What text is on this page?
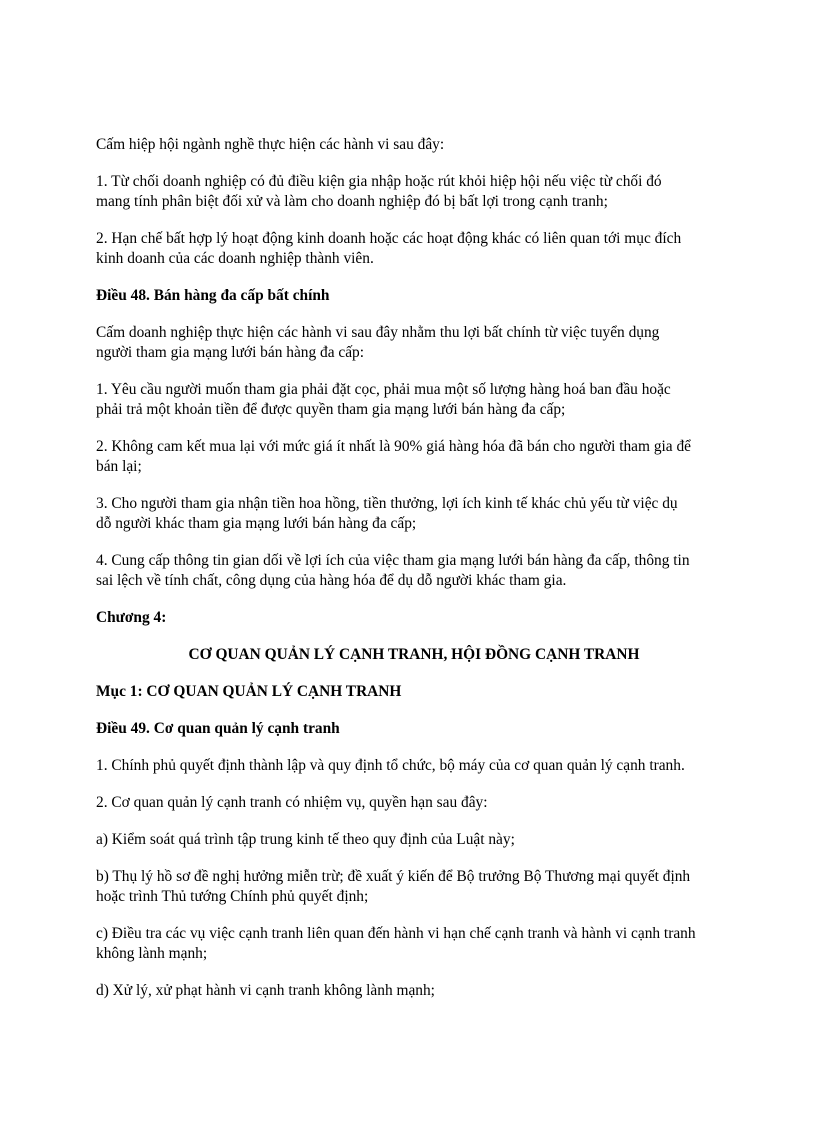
Cấm hiệp hội ngành nghề thực hiện các hành vi sau đây:

1. Từ chối doanh nghiệp có đủ điều kiện gia nhập hoặc rút khỏi hiệp hội nếu việc từ chối đó

mang tính phân biệt đối xử và làm cho doanh nghiệp đó bị bất lợi trong cạnh tranh;

2. Hạn chế bất hợp lý hoạt động kinh doanh hoặc các hoạt động khác có liên quan tới mục đích

kinh doanh của các doanh nghiệp thành viên.

Điều 48. Bán hàng đa cấp bất chính

Cấm doanh nghiệp thực hiện các hành vi sau đây nhằm thu lợi bất chính từ việc tuyển dụng

người tham gia mạng lưới bán hàng đa cấp:

1. Yêu cầu người muốn tham gia phải đặt cọc, phải mua một số lượng hàng hoá ban đầu hoặc

phải trả một khoản tiền để được quyền tham gia mạng lưới bán hàng đa cấp;

2. Không cam kết mua lại với mức giá ít nhất là 90% giá hàng hóa đã bán cho người tham gia để

bán lại;

3. Cho người tham gia nhận tiền hoa hồng, tiền thưởng, lợi ích kinh tế khác chủ yếu từ việc dụ

dỗ người khác tham gia mạng lưới bán hàng đa cấp;

4. Cung cấp thông tin gian dối về lợi ích của việc tham gia mạng lưới bán hàng đa cấp, thông tin

sai lệch về tính chất, công dụng của hàng hóa để dụ dỗ người khác tham gia.

Chương 4:

CƠ QUAN QUẢN LÝ CẠNH TRANH, HỘI ĐỒNG CẠNH TRANH

Mục 1: CƠ QUAN QUẢN LÝ CẠNH TRANH

Điều 49. Cơ quan quản lý cạnh tranh

1. Chính phủ quyết định thành lập và quy định tổ chức, bộ máy của cơ quan quản lý cạnh tranh.

2. Cơ quan quản lý cạnh tranh có nhiệm vụ, quyền hạn sau đây:

a) Kiểm soát quá trình tập trung kinh tế theo quy định của Luật này;

b) Thụ lý hồ sơ đề nghị hưởng miễn trừ; đề xuất ý kiến để Bộ trưởng Bộ Thương mại quyết định

hoặc trình Thủ tướng Chính phủ quyết định;

c) Điều tra các vụ việc cạnh tranh liên quan đến hành vi hạn chế cạnh tranh và hành vi cạnh tranh

không lành mạnh;

d) Xử lý, xử phạt hành vi cạnh tranh không lành mạnh;
